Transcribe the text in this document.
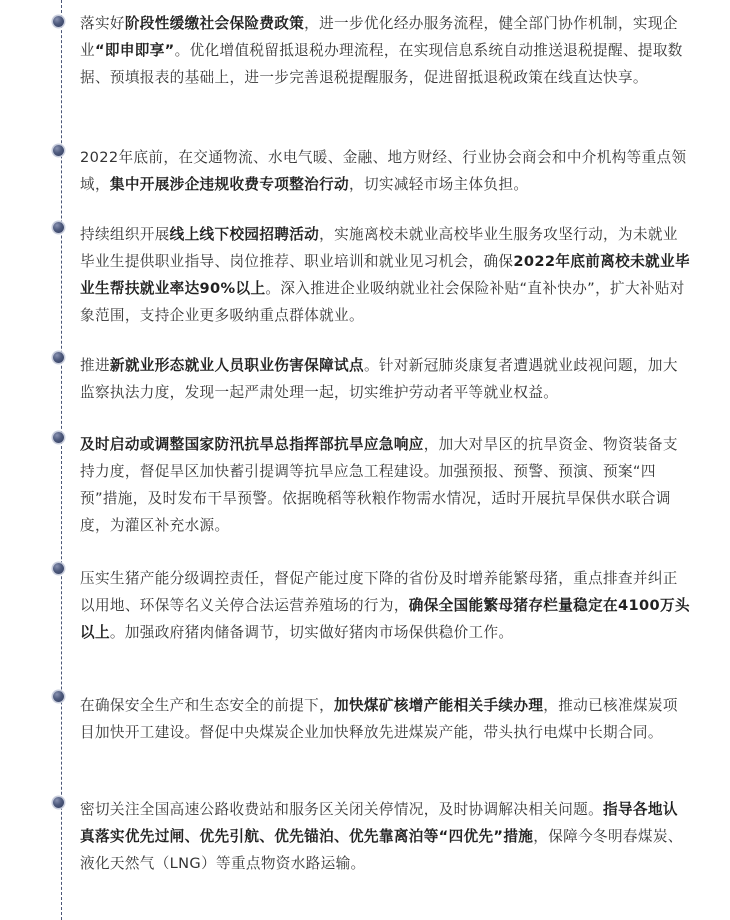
落实好阶段性缓缴社会保险费政策，进一步优化经办服务流程，健全部门协作机制，实现企业“即申即享”。优化增值税留抵退税办理流程，在实现信息系统自动推送退税提醒、提取数据、预填报表的基础上，进一步完善退税提醒服务，促进留抵退税政策在线直达快享。
2022年底前，在交通物流、水电气暖、金融、地方财经、行业协会商会和中介机构等重点领域，集中开展涉企违规收费专项整治行动，切实减轻市场主体负担。
持续组织开展线上线下校园招聘活动，实施离校未就业高校毕业生服务攻坚行动，为未就业毕业生提供职业指导、岗位推荐、职业培训和就业见习机会，确保2022年底前离校未就业毕业生帮扶就业率达90%以上。深入推进企业吸纳就业社会保险补贴“直补快办”，扩大补贴对象范围，支持企业更多吸纳重点群体就业。
推进新就业形态就业人员职业伤害保障试点。针对新冠肺炎康复者遭遇就业歧视问题，加大监察执法力度，发现一起严肃处理一起，切实维护劳动者平等就业权益。
及时启动或调整国家防汛抗旱总指挥部抗旱应急响应，加大对旱区的抗旱资金、物资装备支持力度，督促旱区加快蓄引提调等抗旱应急工程建设。加强预报、预警、预演、预案“四预”措施，及时发布干旱预警。依据晚稻等秋粮作物需水情况，适时开展抗旱保供水联合调度，为灌区补充水源。
压实生猪产能分级调控责任，督促产能过度下降的省份及时增养能繁母猪，重点排查并纠正以用地、环保等名义关停合法运营养殖场的行为，确保全国能繁母猪存栏量稳定在4100万头以上。加强政府猪肉储备调节，切实做好猪肉市场保供稳价工作。
在确保安全生产和生态安全的前提下，加快煤矿核增产能相关手续办理，推动已核准煤炭项目加快开工建设。督促中央煤炭企业加快释放先进煤炭产能，带头执行电煤中长期合同。
密切关注全国高速公路收费站和服务区关闭关停情况，及时协调解决相关问题。指导各地认真落实优先过闸、优先引航、优先锚泊、优先靠离泊等“四优先”措施，保障今冬明春煤炭、液化天然气（LNG）等重点物资水路运输。
